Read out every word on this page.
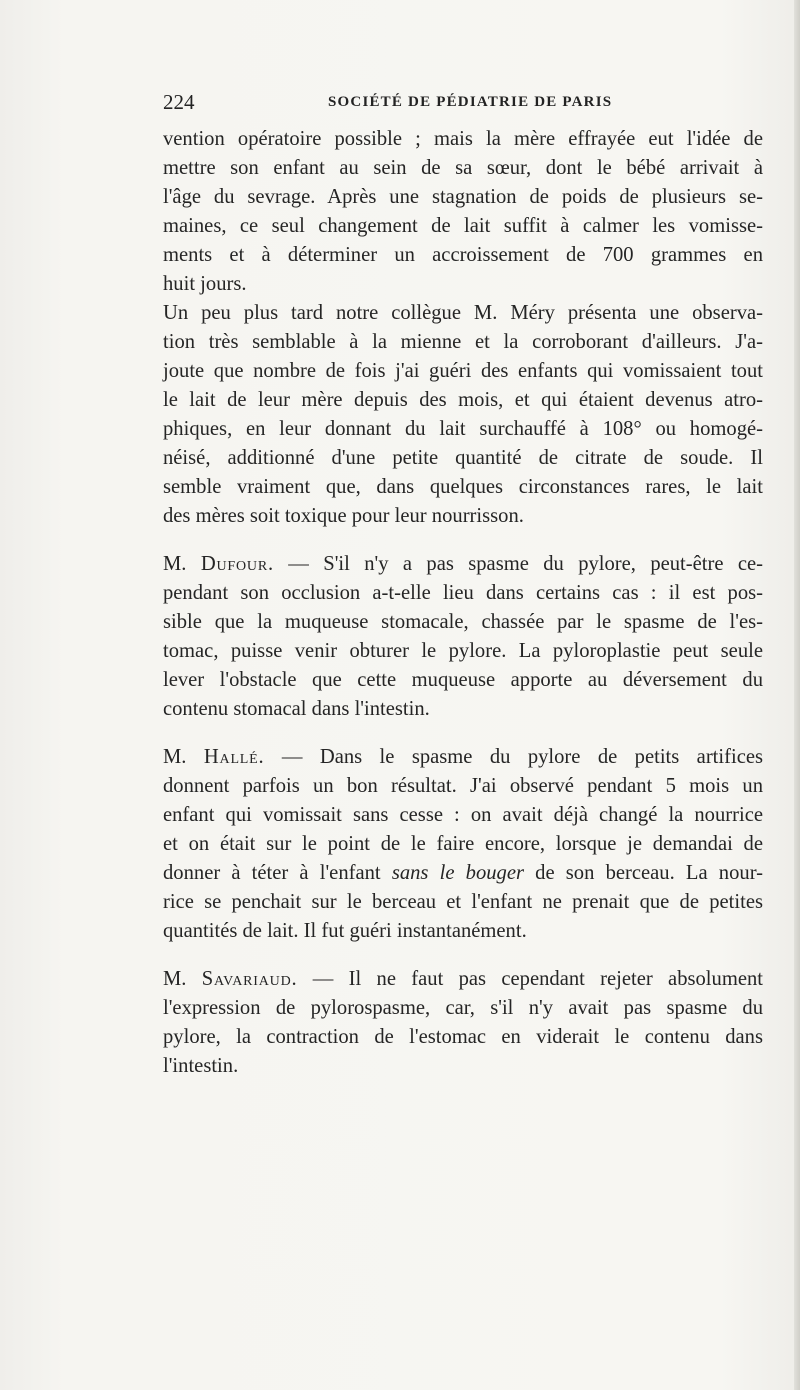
224	SOCIÉTÉ DE PÉDIATRIE DE PARIS

vention opératoire possible ; mais la mère effrayée eut l'idée de
mettre son enfant au sein de sa sœur, dont le bébé arrivait à
l'âge du sevrage. Après une stagnation de poids de plusieurs se-
maines, ce seul changement de lait suffit à calmer les vomisse-
ments et à déterminer un accroissement de 700 grammes en
huit jours.

Un peu plus tard notre collègue M. Méry présenta une observa-
tion très semblable à la mienne et la corroborant d'ailleurs. J'a-
joute que nombre de fois j'ai guéri des enfants qui vomissaient tout
le lait de leur mère depuis des mois, et qui étaient devenus atro-
phiques, en leur donnant du lait surchauffé à 108° ou homogé-
néisé, additionné d'une petite quantité de citrate de soude. Il
semble vraiment que, dans quelques circonstances rares, le lait
des mères soit toxique pour leur nourrisson.

M. Dufour. — S'il n'y a pas spasme du pylore, peut-être ce-
pendant son occlusion a-t-elle lieu dans certains cas : il est pos-
sible que la muqueuse stomacale, chassée par le spasme de l'es-
tomac, puisse venir obturer le pylore. La pyloroplastie peut seule
lever l'obstacle que cette muqueuse apporte au déversement du
contenu stomacal dans l'intestin.

M. Hallé. — Dans le spasme du pylore de petits artifices
donnent parfois un bon résultat. J'ai observé pendant 5 mois un
enfant qui vomissait sans cesse : on avait déjà changé la nourrice
et on était sur le point de le faire encore, lorsque je demandai de
donner à téter à l'enfant sans le bouger de son berceau. La nour-
rice se penchait sur le berceau et l'enfant ne prenait que de petites
quantités de lait. Il fut guéri instantanément.

M. Savariaud. — Il ne faut pas cependant rejeter absolument
l'expression de pylorospasme, car, s'il n'y avait pas spasme du
pylore, la contraction de l'estomac en viderait le contenu dans
l'intestin.
